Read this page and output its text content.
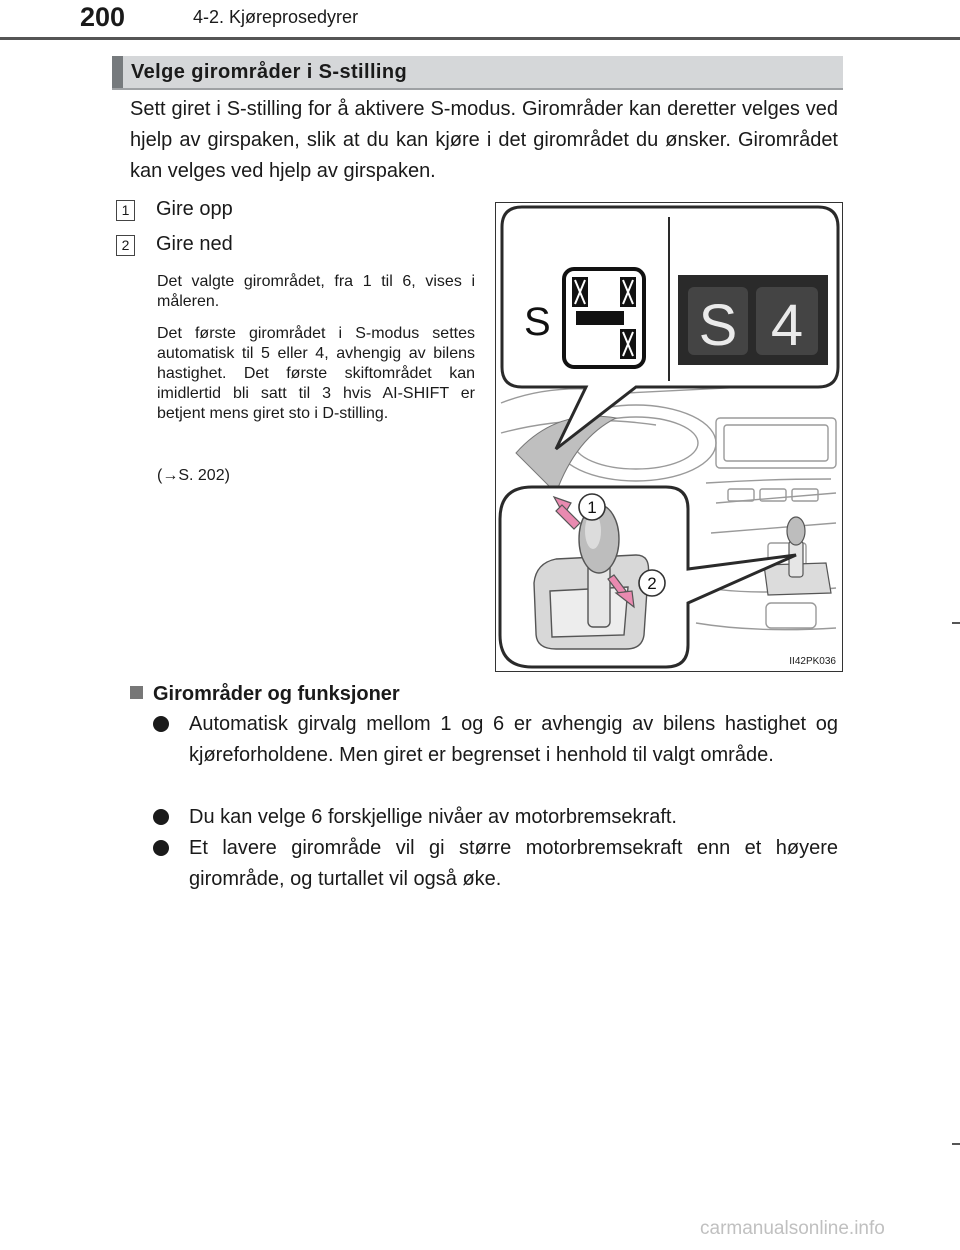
200	4-2. Kjøreprosedyrer
Velge girområder i S-stilling

Sett giret i S-stilling for å aktivere S-modus. Girområder kan deretter velges ved hjelp av girspaken, slik at du kan kjøre i det girområdet du ønsker. Girområdet kan velges ved hjelp av girspaken.

1 Gire opp
2 Gire ned

Det valgte girområdet, fra 1 til 6, vises i måleren.

Det første girområdet i S-modus settes automatisk til 5 eller 4, avhengig av bilens hastighet. Det første skiftområdet kan imidlertid bli satt til 3 hvis AI-SHIFT er betjent mens giret sto i D-stilling.

(→S. 202)

S	S 4
1
2
II42PK036
Girområder og funksjoner

Automatisk girvalg mellom 1 og 6 er avhengig av bilens hastighet og kjøreforholdene. Men giret er begrenset i henhold til valgt område.

Du kan velge 6 forskjellige nivåer av motorbremsekraft.

Et lavere girområde vil gi større motorbremsekraft enn et høyere girområde, og turtallet vil også øke.

carmanualsonline.info
